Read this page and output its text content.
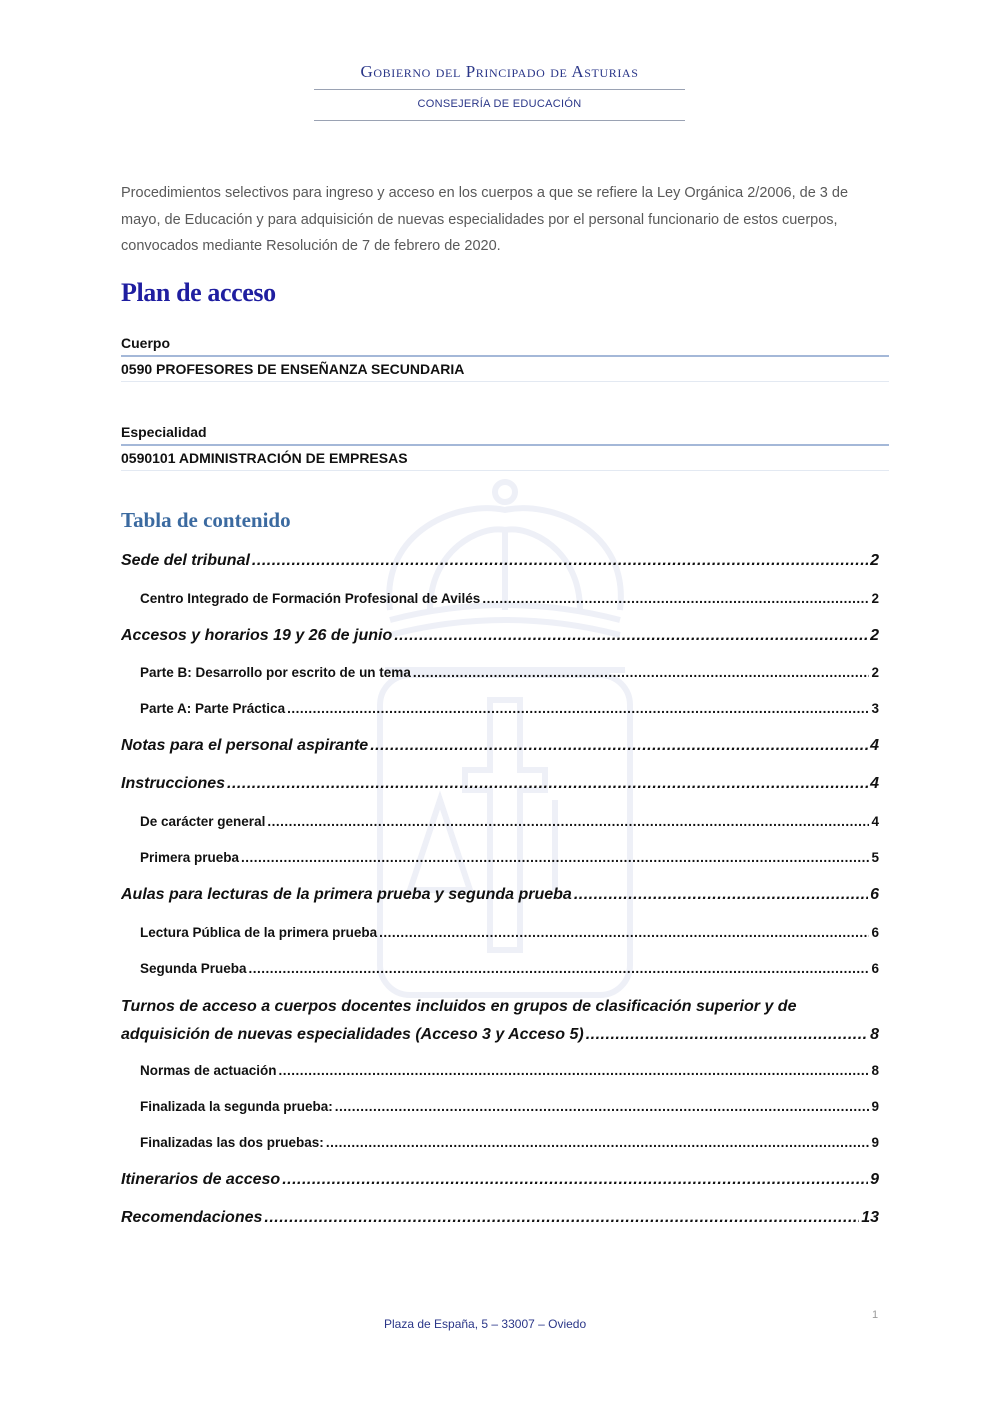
Gobierno del Principado de Asturias
CONSEJERÍA DE EDUCACIÓN
Procedimientos selectivos para ingreso y acceso en los cuerpos a que se refiere la Ley Orgánica 2/2006, de 3 de mayo, de Educación y para adquisición de nuevas especialidades por el personal funcionario de estos cuerpos, convocados mediante Resolución de 7 de febrero de 2020.
Plan de acceso
Cuerpo
0590 PROFESORES DE ENSEÑANZA SECUNDARIA
Especialidad
0590101 ADMINISTRACIÓN DE EMPRESAS
Tabla de contenido
Sede del tribunal .....	2
Centro Integrado de Formación Profesional de Avilés .....	2
Accesos y horarios 19 y 26 de junio .....	2
Parte B: Desarrollo por escrito de un tema .....	2
Parte A: Parte Práctica .....	3
Notas para el personal aspirante .....	4
Instrucciones .....	4
De carácter general .....	4
Primera prueba .....	5
Aulas para lecturas de la primera prueba y segunda prueba .....	6
Lectura Pública de la primera prueba .....	6
Segunda Prueba .....	6
Turnos de acceso a cuerpos docentes incluidos en grupos de clasificación superior y de
adquisición de nuevas especialidades (Acceso 3 y Acceso 5) .....	8
Normas de actuación .....	8
Finalizada la segunda prueba: .....	9
Finalizadas las dos pruebas: .....	9
Itinerarios de acceso .....	9
Recomendaciones .....	13
1
Plaza de España, 5 – 33007 – Oviedo
